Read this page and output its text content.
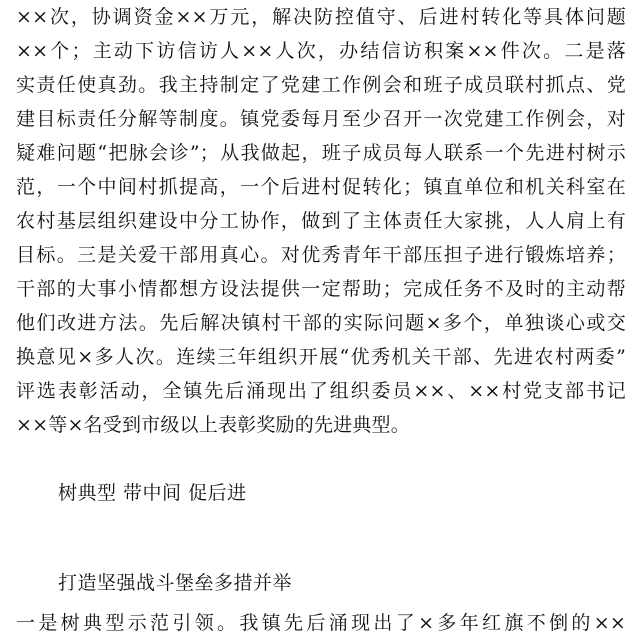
××次，协调资金××万元，解决防控值守、后进村转化等具体问题
××个；主动下访信访人××人次，办结信访积案××件次。二是落
实责任使真劲。我主持制定了党建工作例会和班子成员联村抓点、党
建目标责任分解等制度。镇党委每月至少召开一次党建工作例会，对
疑难问题“把脉会诊”；从我做起，班子成员每人联系一个先进村树示
范，一个中间村抓提高，一个后进村促转化；镇直单位和机关科室在
农村基层组织建设中分工协作，做到了主体责任大家挑，人人肩上有
目标。三是关爱干部用真心。对优秀青年干部压担子进行锻炼培养；
干部的大事小情都想方设法提供一定帮助；完成任务不及时的主动帮
他们改进方法。先后解决镇村干部的实际问题×多个，单独谈心或交
换意见×多人次。连续三年组织开展“优秀机关干部、先进农村两委”
评选表彰活动，全镇先后涌现出了组织委员××、××村党支部书记
××等×名受到市级以上表彰奖励的先进典型。
树典型 带中间 促后进
打造坚强战斗堡垒多措并举
一是树典型示范引领。我镇先后涌现出了×多年红旗不倒的××
